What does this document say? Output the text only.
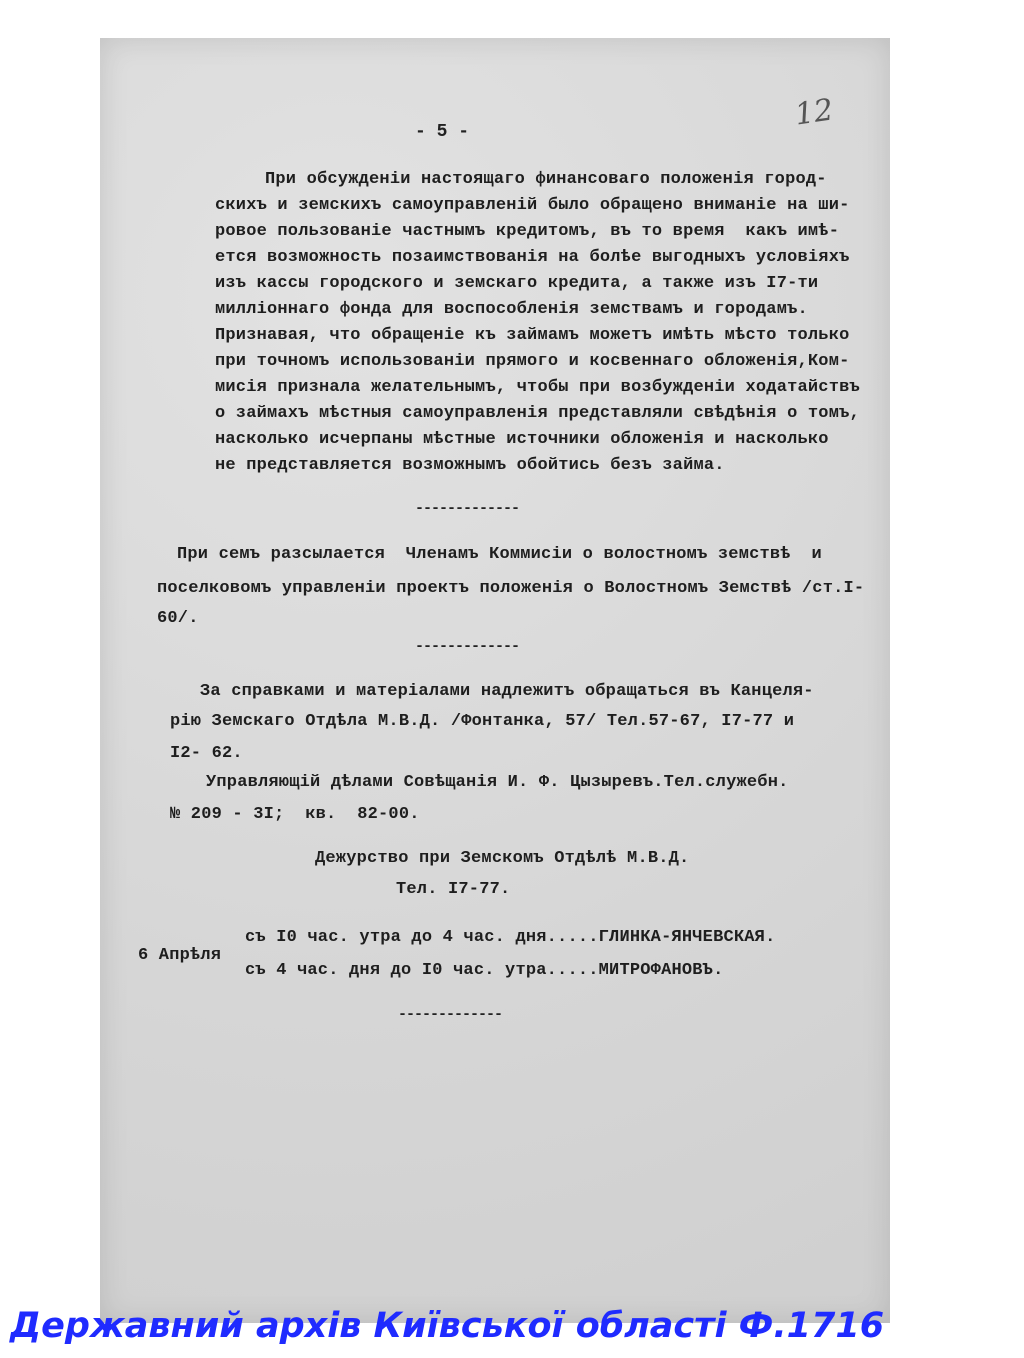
- 5 -	12
При обсужденiи настоящаго финансоваго положенiя город-
скихъ и земскихъ самоуправленiй было обращено вниманiе на ши-
ровое пользованiе частнымъ кредитомъ, въ то время  какъ имѣ-
ется возможность позаимствованiя на болѣе выгодныхъ условiяхъ
изъ кассы городского и земскаго кредита, а также изъ I7-ти
миллiоннаго фонда для воспособленiя земствамъ и городамъ.
Признавая, что обращенiе къ займамъ можетъ имѣть мѣсто только
при точномъ использованiи прямого и косвеннаго обложенiя,Ком-
мисiя признала желательнымъ, чтобы при возбужденiи ходатайствъ
о займахъ мѣстныя самоуправленiя представляли свѣдѣнiя о томъ,
насколько исчерпаны мѣстные источники обложенiя и насколько
не представляется возможнымъ обойтись безъ займа.
-------------
При семъ разсылается  Членамъ Коммисiи о волостномъ земствѣ  и
поселковомъ управленiи проектъ положенiя о Волостномъ Земствѣ /ст.I-
60/.
-------------
За справками и матерiалами надлежитъ обращаться въ Канцеля-
рiю Земскаго Отдѣла М.В.Д. /Фонтанка, 57/ Тел.57-67, I7-77 и
I2- 62.
Управляющiй дѣлами Совѣщанiя И. Ф. Цызыревъ.Тел.служебн.
№ 209 - 3I;  кв.  82-00.
Дежурство при Земскомъ Отдѣлѣ М.В.Д.
Тел. I7-77.
6 Апрѣля
съ I0 час. утра до 4 час. дня.....ГЛИНКА-ЯНЧЕВСКАЯ.
съ 4 час. дня до I0 час. утра.....МИТРОФАНОВЪ.
-------------
Державний архів Київської області Ф.1716
